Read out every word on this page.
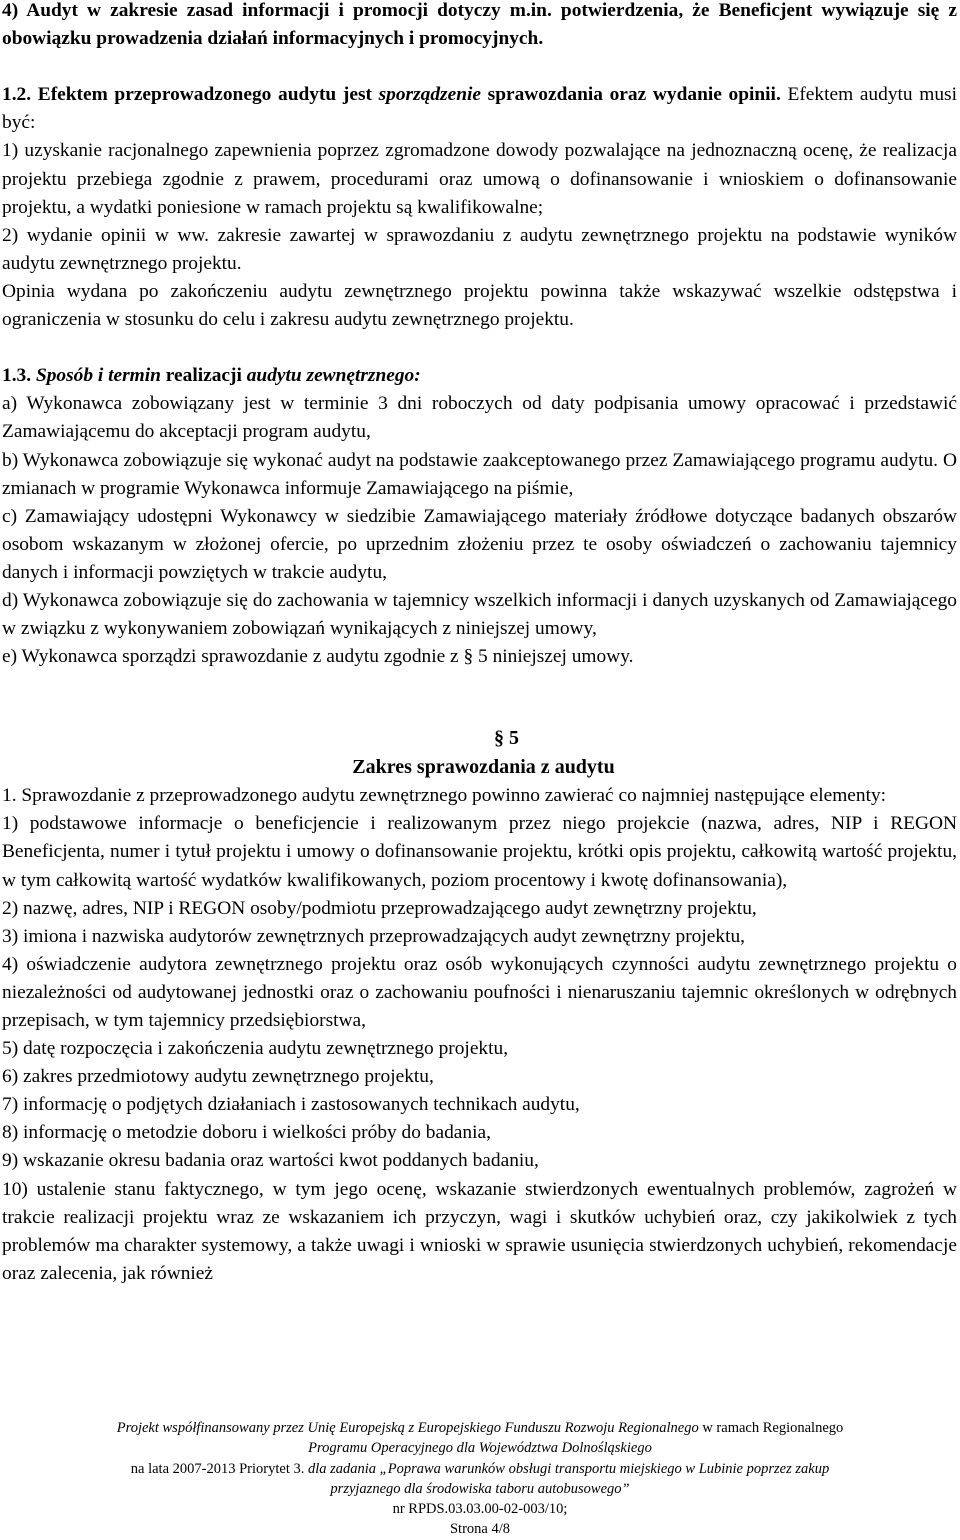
4) Audyt w zakresie zasad informacji i promocji dotyczy m.in. potwierdzenia, że Beneficjent wywiązuje się z obowiązku prowadzenia działań informacyjnych i promocyjnych.

1.2. Efektem przeprowadzonego audytu jest sporządzenie sprawozdania oraz wydanie opinii. Efektem audytu musi być:

1) uzyskanie racjonalnego zapewnienia poprzez zgromadzone dowody pozwalające na jednoznaczną ocenę, że realizacja projektu przebiega zgodnie z prawem, procedurami oraz umową o dofinansowanie i wnioskiem o dofinansowanie projektu, a wydatki poniesione w ramach projektu są kwalifikowalne;

2) wydanie opinii w ww. zakresie zawartej w sprawozdaniu z audytu zewnętrznego projektu na podstawie wyników audytu zewnętrznego projektu.

Opinia wydana po zakończeniu audytu zewnętrznego projektu powinna także wskazywać wszelkie odstępstwa i ograniczenia w stosunku do celu i zakresu audytu zewnętrznego projektu.

1.3. Sposób i termin realizacji audytu zewnętrznego:

a) Wykonawca zobowiązany jest w terminie 3 dni roboczych od daty podpisania umowy opracować i przedstawić Zamawiającemu do akceptacji program audytu,

b) Wykonawca zobowiązuje się wykonać audyt na podstawie zaakceptowanego przez Zamawiającego programu audytu. O zmianach w programie Wykonawca informuje Zamawiającego na piśmie,

c) Zamawiający udostępni Wykonawcy w siedzibie Zamawiającego materiały źródłowe dotyczące badanych obszarów osobom wskazanym w złożonej ofercie, po uprzednim złożeniu przez te osoby oświadczeń o zachowaniu tajemnicy danych i informacji powziętych w trakcie audytu,

d) Wykonawca zobowiązuje się do zachowania w tajemnicy wszelkich informacji i danych uzyskanych od Zamawiającego w związku z wykonywaniem zobowiązań wynikających z niniejszej umowy,

e) Wykonawca sporządzi sprawozdanie z audytu zgodnie z § 5 niniejszej umowy.

§ 5

Zakres sprawozdania z audytu

1. Sprawozdanie z przeprowadzonego audytu zewnętrznego powinno zawierać co najmniej następujące elementy:

1) podstawowe informacje o beneficjencie i realizowanym przez niego projekcie (nazwa, adres, NIP i REGON Beneficjenta, numer i tytuł projektu i umowy o dofinansowanie projektu, krótki opis projektu, całkowitą wartość projektu, w tym całkowitą wartość wydatków kwalifikowanych, poziom procentowy i kwotę dofinansowania),

2) nazwę, adres, NIP i REGON osoby/podmiotu przeprowadzającego audyt zewnętrzny projektu,

3) imiona i nazwiska audytorów zewnętrznych przeprowadzających audyt zewnętrzny projektu,

4) oświadczenie audytora zewnętrznego projektu oraz osób wykonujących czynności audytu zewnętrznego projektu o niezależności od audytowanej jednostki oraz o zachowaniu poufności i nienaruszaniu tajemnic określonych w odrębnych przepisach, w tym tajemnicy przedsiębiorstwa,

5) datę rozpoczęcia i zakończenia audytu zewnętrznego projektu,

6) zakres przedmiotowy audytu zewnętrznego projektu,

7) informację o podjętych działaniach i zastosowanych technikach audytu,

8) informację o metodzie doboru i wielkości próby do badania,

9) wskazanie okresu badania oraz wartości kwot poddanych badaniu,

10) ustalenie stanu faktycznego, w tym jego ocenę, wskazanie stwierdzonych ewentualnych problemów, zagrożeń w trakcie realizacji projektu wraz ze wskazaniem ich przyczyn, wagi i skutków uchybień oraz, czy jakikolwiek z tych problemów ma charakter systemowy, a także uwagi i wnioski w sprawie usunięcia stwierdzonych uchybień, rekomendacje oraz zalecenia, jak również

Projekt współfinansowany przez Unię Europejską z Europejskiego Funduszu Rozwoju Regionalnego w ramach Regionalnego

Programu Operacyjnego dla Województwa Dolnośląskiego

na lata 2007-2013 Priorytet 3. dla zadania „Poprawa warunków obsługi transportu miejskiego w Lubinie poprzez zakup

przyjaznego dla środowiska taboru autobusowego”

nr RPDS.03.03.00-02-003/10;

Strona 4/8
